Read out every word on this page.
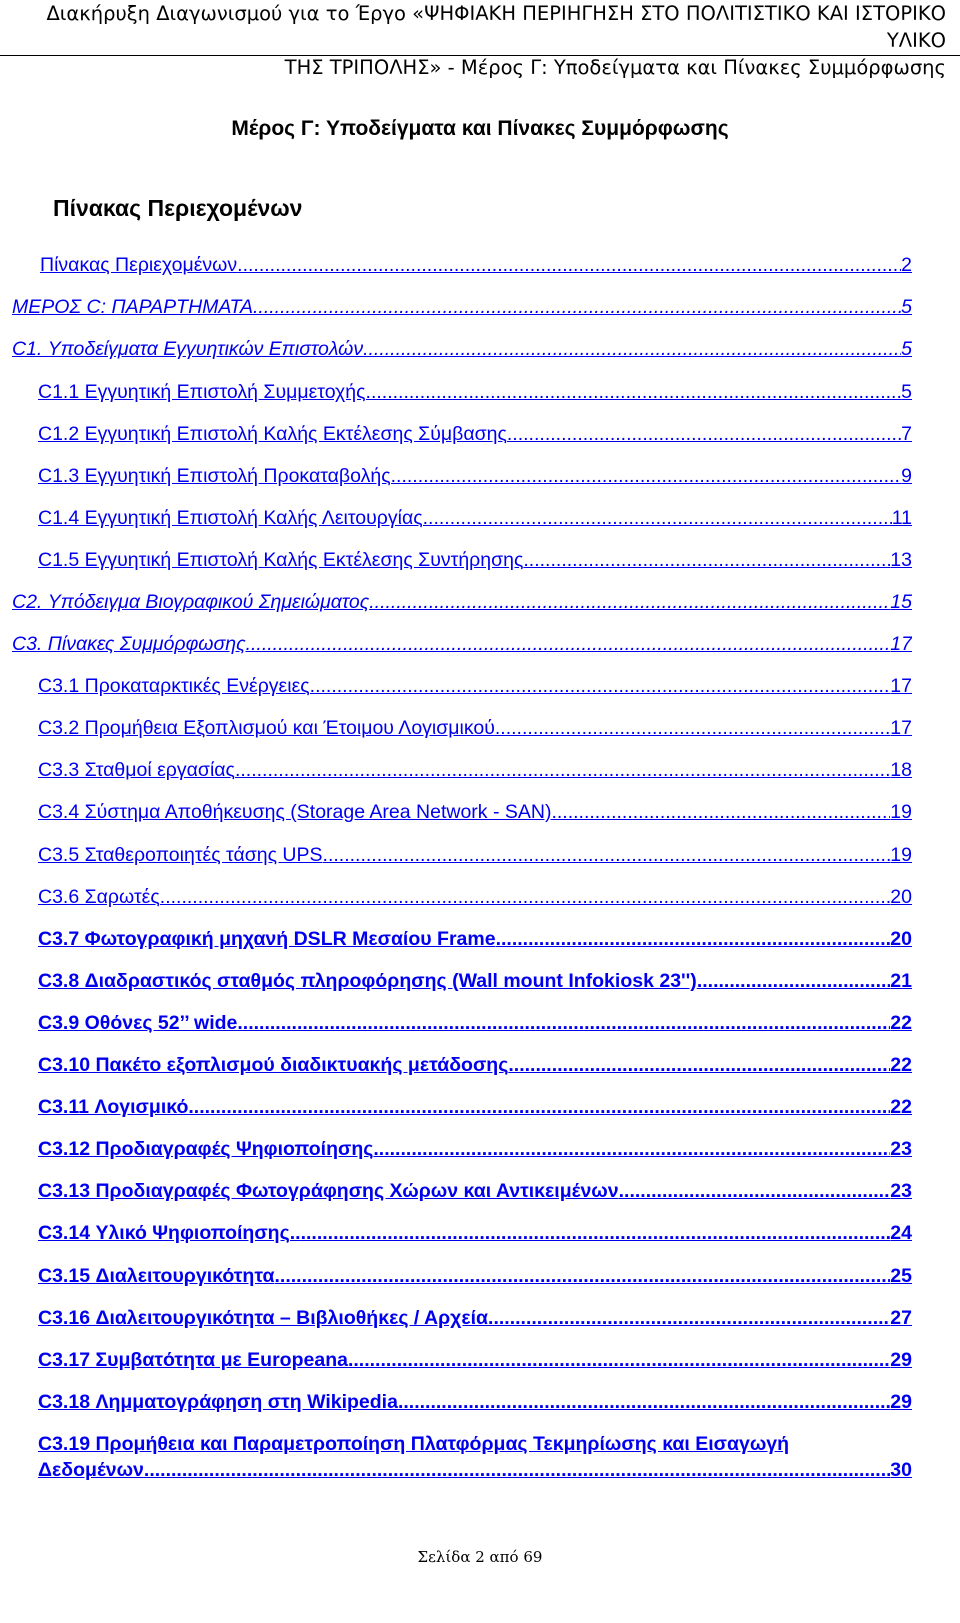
Διακήρυξη Διαγωνισμού για το Έργο «ΨΗΦΙΑΚΗ ΠΕΡΙΗΓΗΣΗ ΣΤΟ ΠΟΛΙΤΙΣΤΙΚΟ ΚΑΙ ΙΣΤΟΡΙΚΟ ΥΛΙΚΟ
ΤΗΣ ΤΡΙΠΟΛΗΣ» - Μέρος Γ: Υποδείγματα και Πίνακες Συμμόρφωσης
Μέρος Γ: Υποδείγματα και Πίνακες Συμμόρφωσης
Πίνακας Περιεχομένων
Πίνακας Περιεχομένων .....	2
ΜΕΡΟΣ C: ΠΑΡΑΡΤΗΜΑΤΑ .....	5
C1. Υποδείγματα Εγγυητικών Επιστολών .....	5
C1.1 Εγγυητική Επιστολή Συμμετοχής .....	5
C1.2 Εγγυητική Επιστολή Καλής Εκτέλεσης Σύμβασης .....	7
C1.3 Εγγυητική Επιστολή Προκαταβολής .....	9
C1.4 Εγγυητική Επιστολή Καλής Λειτουργίας .....	11
C1.5 Εγγυητική Επιστολή Καλής Εκτέλεσης Συντήρησης .....	13
C2. Υπόδειγμα Βιογραφικού Σημειώματος .....	15
C3. Πίνακες Συμμόρφωσης .....	17
C3.1 Προκαταρκτικές Ενέργειες .....	17
C3.2 Προμήθεια Εξοπλισμού και Έτοιμου Λογισμικού .....	17
C3.3 Σταθμοί εργασίας .....	18
C3.4 Σύστημα Αποθήκευσης (Storage Area Network - SAN) .....	19
C3.5 Σταθεροποιητές τάσης UPS .....	19
C3.6 Σαρωτές .....	20
C3.7 Φωτογραφική μηχανή DSLR Μεσαίου Frame .....	20
C3.8 Διαδραστικός σταθμός πληροφόρησης (Wall mount Infokiosk 23'') .....	21
C3.9 Οθόνες 52’’ wide .....	22
C3.10 Πακέτο εξοπλισμού διαδικτυακής μετάδοσης .....	22
C3.11 Λογισμικό .....	22
C3.12 Προδιαγραφές Ψηφιοποίησης .....	23
C3.13 Προδιαγραφές Φωτογράφησης Χώρων και Αντικειμένων .....	23
C3.14 Υλικό Ψηφιοποίησης .....	24
C3.15 Διαλειτουργικότητα .....	25
C3.16 Διαλειτουργικότητα – Βιβλιοθήκες / Αρχεία .....	27
C3.17 Συμβατότητα με Europeana .....	29
C3.18 Λημματογράφηση στη Wikipedia .....	29
C3.19 Προμήθεια και Παραμετροποίηση Πλατφόρμας Τεκμηρίωσης και Εισαγωγή
Δεδομένων .....	30
Σελίδα 2 από 69
